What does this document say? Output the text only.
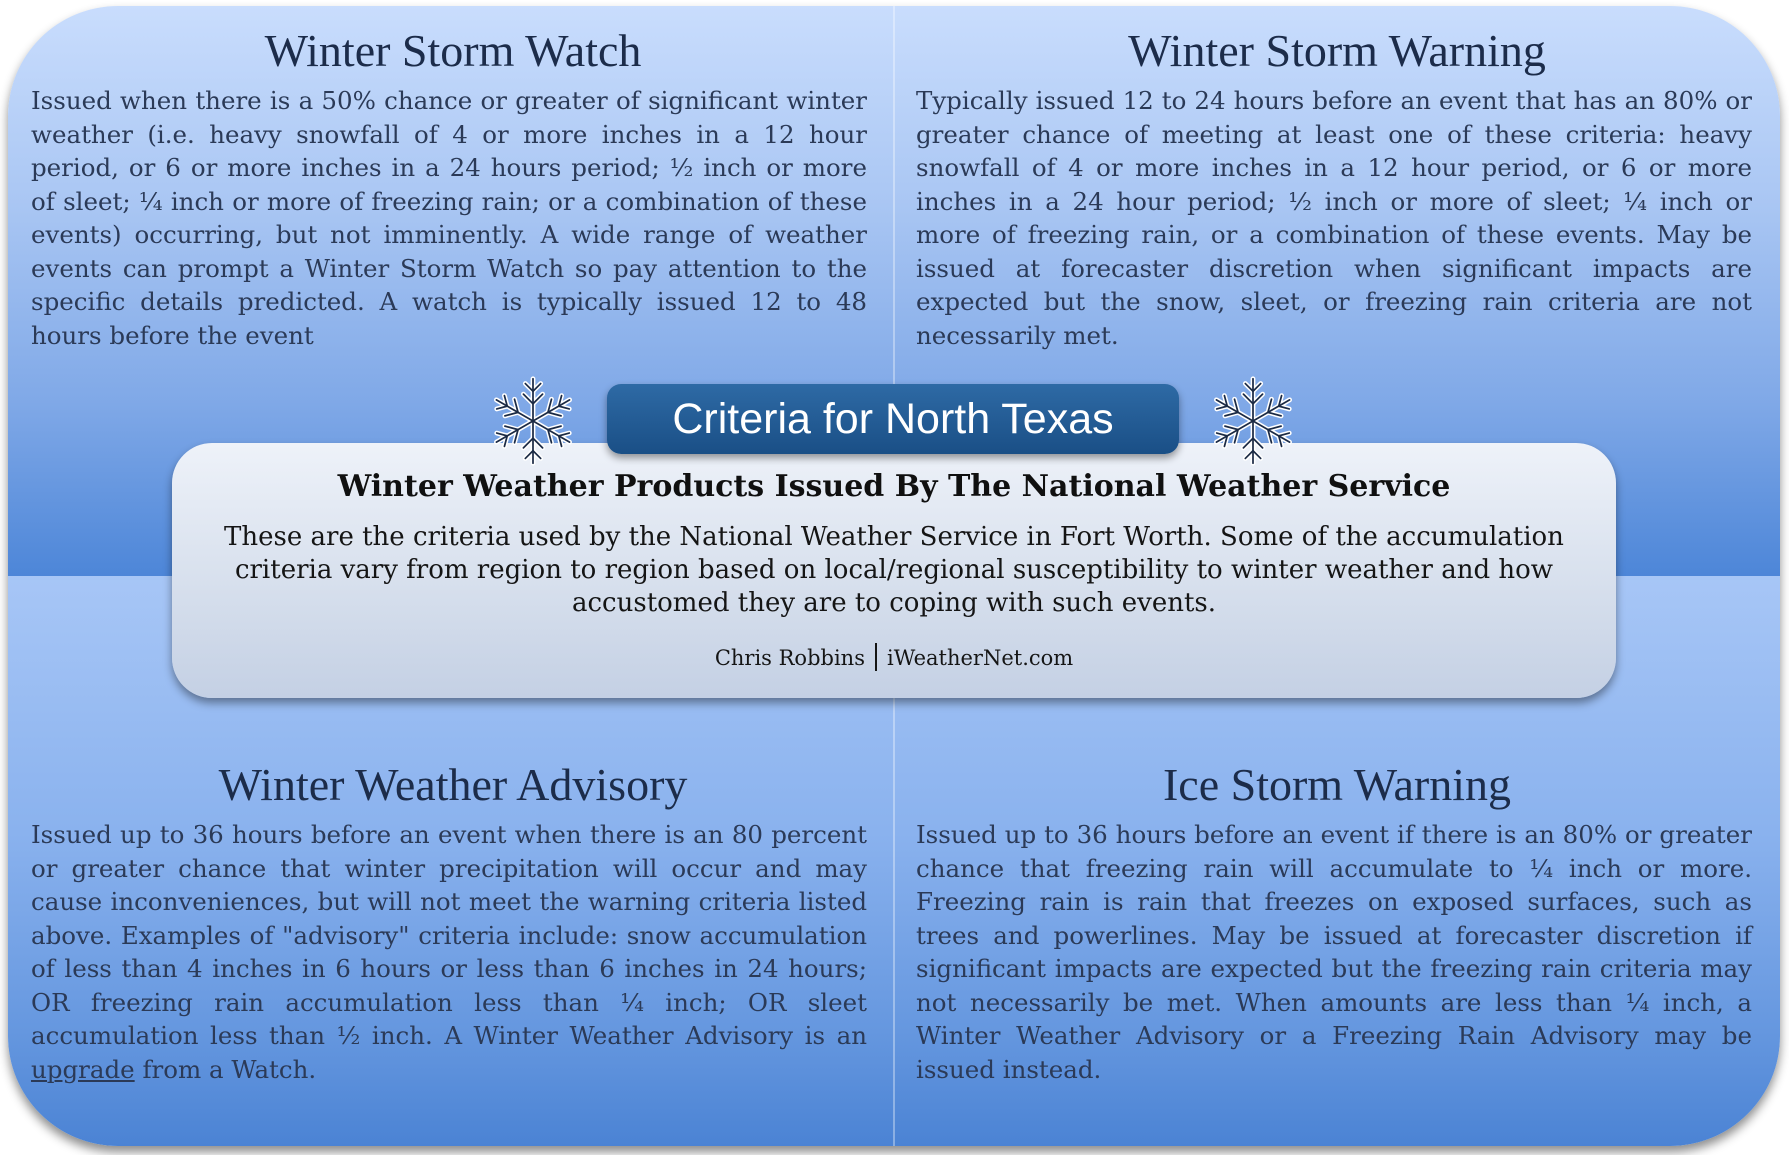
Winter Storm Watch
Issued when there is a 50% chance or greater of significant winter weather (i.e. heavy snowfall of 4 or more inches in a 12 hour period, or 6 or more inches in a 24 hours period; ½ inch or more of sleet; ¼ inch or more of freezing rain; or a combination of these events) occurring, but not imminently. A wide range of weather events can prompt a Winter Storm Watch so pay attention to the specific details predicted. A watch is typically issued 12 to 48 hours before the event
Winter Storm Warning
Typically issued 12 to 24 hours before an event that has an 80% or greater chance of meeting at least one of these criteria: heavy snowfall of 4 or more inches in a 12 hour period, or 6 or more inches in a 24 hour period; ½ inch or more of sleet; ¼ inch or more of freezing rain, or a combination of these events. May be issued at forecaster discretion when significant impacts are expected but the snow, sleet, or freezing rain criteria are not necessarily met.
Winter Weather Advisory
Issued up to 36 hours before an event when there is an 80 percent or greater chance that winter precipitation will occur and may cause inconveniences, but will not meet the warning criteria listed above. Examples of "advisory" criteria include: snow accumulation of less than 4 inches in 6 hours or less than 6 inches in 24 hours; OR freezing rain accumulation less than ¼ inch; OR sleet accumulation less than ½ inch. A Winter Weather Advisory is an upgrade from a Watch.
Ice Storm Warning
Issued up to 36 hours before an event if there is an 80% or greater chance that freezing rain will accumulate to ¼ inch or more. Freezing rain is rain that freezes on exposed surfaces, such as trees and powerlines. May be issued at forecaster discretion if significant impacts are expected but the freezing rain criteria may not necessarily be met. When amounts are less than ¼ inch, a Winter Weather Advisory or a Freezing Rain Advisory may be issued instead.
Criteria for North Texas
Winter Weather Products Issued By The National Weather Service
These are the criteria used by the National Weather Service in Fort Worth. Some of the accumulation criteria vary from region to region based on local/regional susceptibility to winter weather and how accustomed they are to coping with such events.
Chris Robbins iWeatherNet.com
